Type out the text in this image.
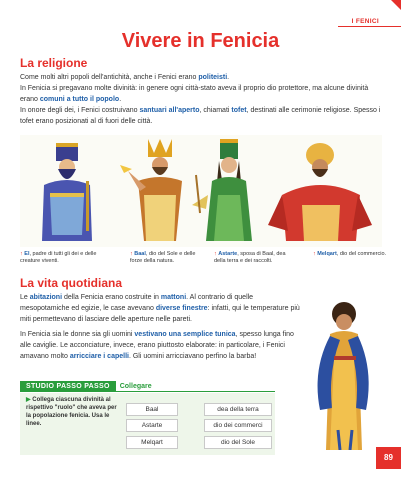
I FENICI
Vivere in Fenicia
La religione
Come molti altri popoli dell'antichità, anche i Fenici erano politeisti.
In Fenicia si pregavano molte divinità: in genere ogni città-stato aveva il proprio dio protettore, ma alcune divinità erano comuni a tutto il popolo.
In onore degli dei, i Fenici costruivano santuari all'aperto, chiamati tofet, destinati alle cerimonie religiose. Spesso i tofet erano posizionati al di fuori delle città.
↑ El, padre di tutti gli dei e delle creature viventi.
↑ Baal, dio del Sole e delle forze della natura.
↑ Astarte, sposa di Baal, dea della terra e dei raccolti.
↑ Melqart, dio del commercio.
La vita quotidiana
Le abitazioni della Fenicia erano costruite in mattoni. Al contrario di quelle mesopotamiche ed egizie, le case avevano diverse finestre: infatti, qui le temperature più miti permettevano di lasciare delle aperture nelle pareti.
In Fenicia sia le donne sia gli uomini vestivano una semplice tunica, spesso lunga fino alle caviglie. Le acconciature, invece, erano piuttosto elaborate: in particolare, i Fenici amavano molto arricciare i capelli. Gli uomini arricciavano perfino la barba!
STUDIO PASSO PASSO	Collegare
▶ Collega ciascuna divinità al rispettivo "ruolo" che aveva per la popolazione fenicia. Usa le linee.
Baal
Astarte
Melqart
dea della terra
dio dei commerci
dio del Sole
89
